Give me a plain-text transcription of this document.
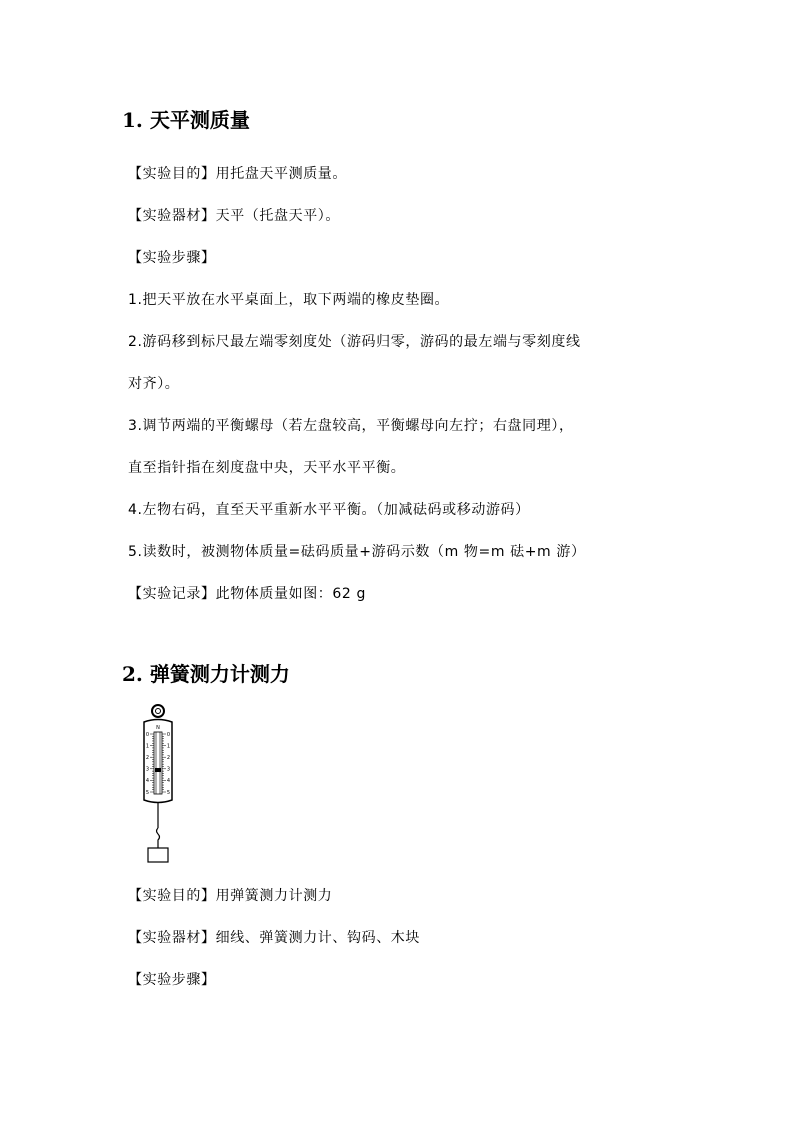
1. 天平测质量

【实验目的】用托盘天平测质量。

【实验器材】天平（托盘天平）。

【实验步骤】

1.把天平放在水平桌面上，取下两端的橡皮垫圈。

2.游码移到标尺最左端零刻度处（游码归零，游码的最左端与零刻度线

对齐）。

3.调节两端的平衡螺母（若左盘较高，平衡螺母向左拧；右盘同理），

直至指针指在刻度盘中央，天平水平平衡。

4.左物右码，直至天平重新水平平衡。（加减砝码或移动游码）

5.读数时，被测物体质量=砝码质量+游码示数（m 物=m 砝+m 游）

【实验记录】此物体质量如图：62 g

2. 弹簧测力计测力
N
0
1
2
3
4
5
0
1
2
3
4
5

【实验目的】用弹簧测力计测力

【实验器材】细线、弹簧测力计、钩码、木块

【实验步骤】
